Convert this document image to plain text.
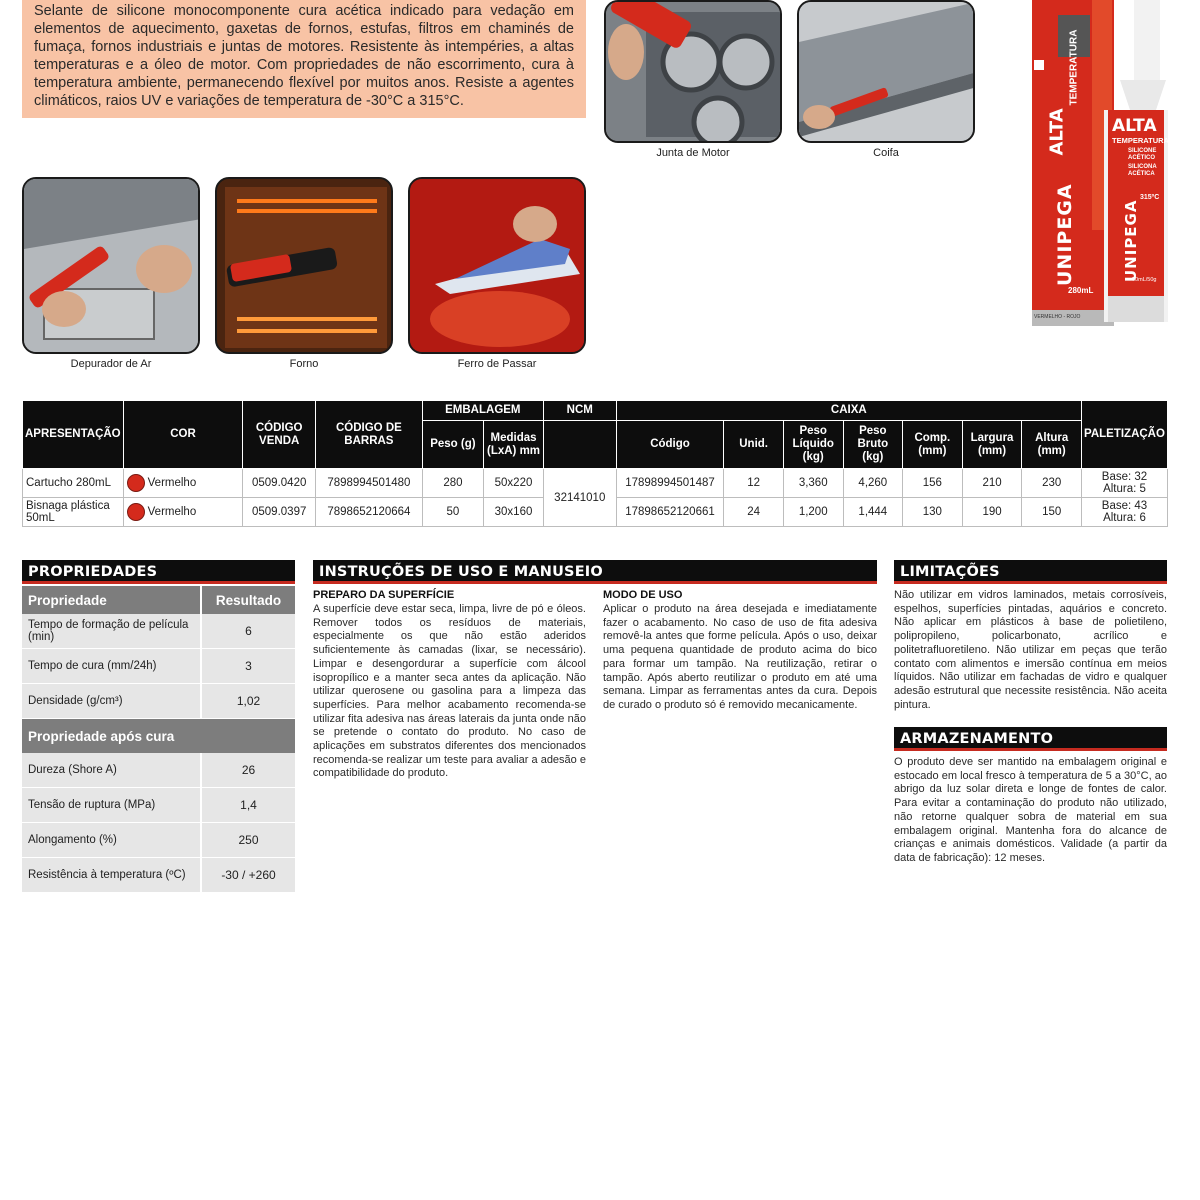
Selante de silicone monocomponente cura acética indicado para vedação em elementos de aquecimento, gaxetas de fornos, estufas, filtros em chaminés de fumaça, fornos industriais e juntas de motores. Resistente às intempéries, a altas temperaturas e a óleo de motor. Com propriedades de não escorrimento, cura à temperatura ambiente, permanecendo flexível por muitos anos. Resiste a agentes climáticos, raios UV e variações de temperatura de -30°C a 315°C.
Junta de Motor	Coifa
Depurador de Ar	Forno	Ferro de Passar
UNIPEGA
ALTA
TEMPERATURA
280mL
VERMELHO - ROJO
ALTA
TEMPERATURA
SILICONE ACÉTICO
SILICONA ACÉTICA
315ºC
UNIPEGA
50mL/50g
APRESENTAÇÃO	COR	CÓDIGO VENDA	CÓDIGO DE BARRAS	EMBALAGEM		NCM	CAIXA							PALETIZAÇÃO
				Peso (g)	Medidas (LxA) mm		Código	Unid.	Peso Líquido (kg)	Peso Bruto (kg)	Comp. (mm)	Largura (mm)	Altura (mm)	
Cartucho 280mL	Vermelho	0509.0420	7898994501480	280	50x220	32141010	17898994501487	12	3,360	4,260	156	210	230	Base: 32
Altura: 5

Bisnaga plástica 50mL	Vermelho	0509.0397	7898652120664	50	30x160		17898652120661	24	1,200	1,444	130	190	150	Base: 43
Altura: 6
PROPRIEDADES
Propriedade	Resultado
Tempo de formação de película (min)	6
Tempo de cura (mm/24h)	3
Densidade (g/cm³)	1,02
Propriedade após cura
Dureza (Shore A)	26
Tensão de ruptura (MPa)	1,4
Alongamento (%)	250
Resistência à temperatura (ºC)	-30 / +260
INSTRUÇÕES DE USO E MANUSEIO
PREPARO DA SUPERFÍCIE
A superfície deve estar seca, limpa, livre de pó e óleos. Remover todos os resíduos de materiais, especialmente os que não estão aderidos suficientemente às camadas (lixar, se necessário). Limpar e desengordurar a superfície com álcool isopropílico e a manter seca antes da aplicação. Não utilizar querosene ou gasolina para a limpeza das superfícies. Para melhor acabamento recomenda-se utilizar fita adesiva nas áreas laterais da junta onde não se pretende o contato do produto. No caso de aplicações em substratos diferentes dos mencionados recomenda-se realizar um teste para avaliar a adesão e compatibilidade do produto.
MODO DE USO
Aplicar o produto na área desejada e imediatamente fazer o acabamento. No caso de uso de fita adesiva removê-la antes que forme película. Após o uso, deixar uma pequena quantidade de produto acima do bico para formar um tampão. Na reutilização, retirar o tampão. Após aberto reutilizar o produto em até uma semana. Limpar as ferramentas antes da cura. Depois de curado o produto só é removido mecanicamente.
LIMITAÇÕES
Não utilizar em vidros laminados, metais corrosíveis, espelhos, superfícies pintadas, aquários e concreto. Não aplicar em plásticos à base de polietileno, polipropileno, policarbonato, acrílico e politetrafluoretileno. Não utilizar em peças que terão contato com alimentos e imersão contínua em meios líquidos. Não utilizar em fachadas de vidro e qualquer adesão estrutural que necessite resistência. Não aceita pintura.
ARMAZENAMENTO
O produto deve ser mantido na embalagem original e estocado em local fresco à temperatura de 5 a 30°C, ao abrigo da luz solar direta e longe de fontes de calor. Para evitar a contaminação do produto não utilizado, não retorne qualquer sobra de material em sua embalagem original. Mantenha fora do alcance de crianças e animais domésticos. Validade (a partir da data de fabricação): 12 meses.
